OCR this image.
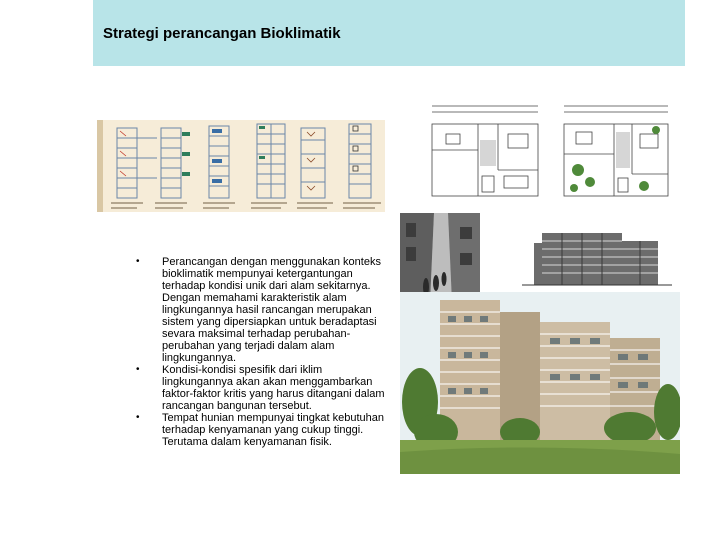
Strategi perancangan Bioklimatik
• Perancangan dengan menggunakan konteks bioklimatik mempunyai ketergantungan terhadap kondisi unik dari alam sekitarnya. Dengan memahami karakteristik alam lingkungannya hasil rancangan merupakan sistem yang dipersiapkan untuk beradaptasi sevara maksimal terhadap perubahan-perubahan yang terjadi dalam alam lingkungannya.
• Kondisi-kondisi spesifik dari iklim lingkungannya akan akan menggambarkan faktor-faktor kritis yang harus ditangani dalam rancangan bangunan tersebut.
• Tempat hunian mempunyai tingkat kebutuhan terhadap kenyamanan yang cukup tinggi. Terutama dalam kenyamanan fisik.
